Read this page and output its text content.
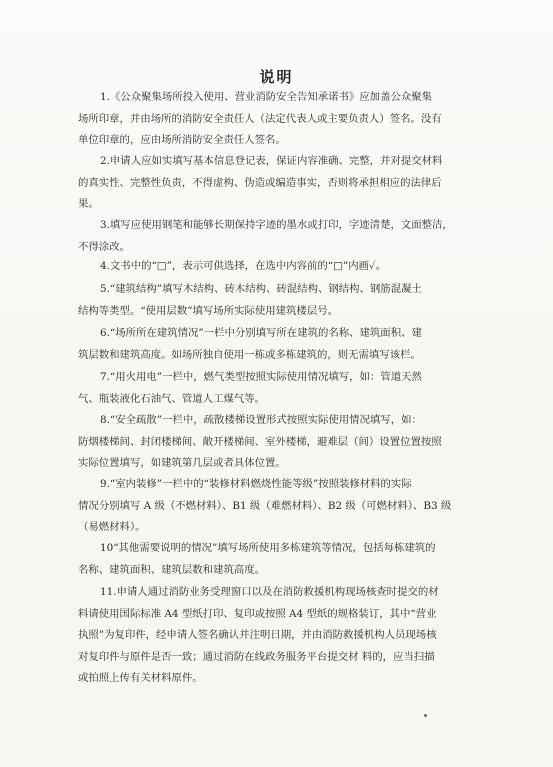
说明
1.《公众聚集场所投入使用、营业消防安全告知承诺书》应加盖公众聚集
场所印章，并由场所的消防安全责任人（法定代表人或主要负责人）签名。没有
单位印章的，应由场所消防安全责任人签名。
2.申请人应如实填写基本信息登记表，保证内容准确、完整，并对提交材料
的真实性、完整性负责，不得虚构、伪造或编造事实，否则将承担相应的法律后
果。
3.填写应使用钢笔和能够长期保持字迹的墨水或打印，字迹清楚，文面整洁，
不得涂改。
4.文书中的“□”，表示可供选择，在选中内容前的“□”内画✓。
5.“建筑结构”填写木结构、砖木结构、砖混结构、钢结构、钢筋混凝土
结构等类型。“使用层数”填写场所实际使用建筑楼层号。
6.“场所所在建筑情况”一栏中分别填写所在建筑的名称、建筑面积、建
筑层数和建筑高度。如场所独自使用一栋或多栋建筑的，则无需填写该栏。
7.“用火用电”一栏中，燃气类型按照实际使用情况填写，如：管道天然
气、瓶装液化石油气、管道人工煤气等。
8.“安全疏散”一栏中，疏散楼梯设置形式按照实际使用情况填写，如：
防烟楼梯间、封闭楼梯间、敞开楼梯间、室外楼梯，避难层（间）设置位置按照
实际位置填写，如建筑第几层或者具体位置。
9.“室内装修”一栏中的“装修材料燃烧性能等级”按照装修材料的实际
情况分别填写 A 级（不燃材料）、B1 级（难燃材料）、B2 级（可燃材料）、B3 级
（易燃材料）。
10“其他需要说明的情况”填写场所使用多栋建筑等情况，包括每栋建筑的
名称、建筑面积、建筑层数和建筑高度。
11.申请人通过消防业务受理窗口以及在消防救援机构现场核查时提交的材
料请使用国际标准 A4 型纸打印、复印或按照 A4 型纸的规格装订，其中“营业
执照”为复印件，经申请人签名确认并注明日期，并由消防救援机构人员现场核
对复印件与原件是否一致；通过消防在线政务服务平台提交材 料的，应当扫描
或拍照上传有关材料原件。
